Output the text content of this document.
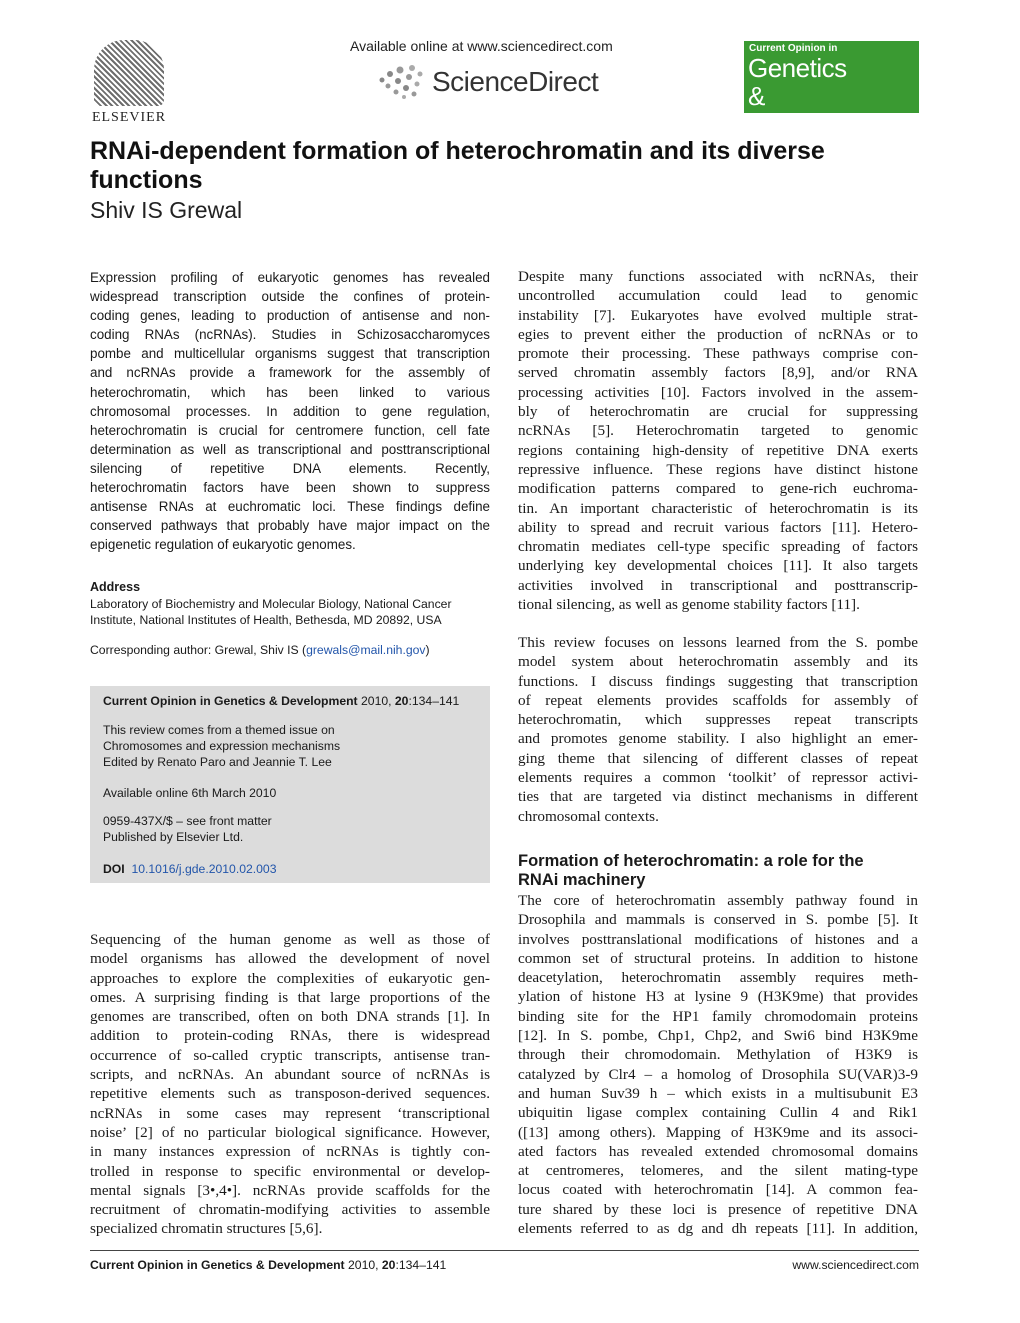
ELSEVIER
Available online at www.sciencedirect.com
ScienceDirect
Current Opinion in
Genetics
& Development
RNAi-dependent formation of heterochromatin and its diverse functions
Shiv IS Grewal
Expression profiling of eukaryotic genomes has revealed
widespread transcription outside the confines of protein-
coding genes, leading to production of antisense and non-
coding RNAs (ncRNAs). Studies in Schizosaccharomyces
pombe and multicellular organisms suggest that transcription
and ncRNAs provide a framework for the assembly of
heterochromatin, which has been linked to various
chromosomal processes. In addition to gene regulation,
heterochromatin is crucial for centromere function, cell fate
determination as well as transcriptional and posttranscriptional
silencing of repetitive DNA elements. Recently,
heterochromatin factors have been shown to suppress
antisense RNAs at euchromatic loci. These findings define
conserved pathways that probably have major impact on the
epigenetic regulation of eukaryotic genomes.
Address
Laboratory of Biochemistry and Molecular Biology, National Cancer
Institute, National Institutes of Health, Bethesda, MD 20892, USA
Corresponding author: Grewal, Shiv IS (grewals@mail.nih.gov)
Current Opinion in Genetics & Development 2010, 20:134–141
This review comes from a themed issue on
Chromosomes and expression mechanisms
Edited by Renato Paro and Jeannie T. Lee
Available online 6th March 2010
0959-437X/$ – see front matter
Published by Elsevier Ltd.
DOI 10.1016/j.gde.2010.02.003
Sequencing of the human genome as well as those of
model organisms has allowed the development of novel
approaches to explore the complexities of eukaryotic gen-
omes. A surprising finding is that large proportions of the
genomes are transcribed, often on both DNA strands [1]. In
addition to protein-coding RNAs, there is widespread
occurrence of so-called cryptic transcripts, antisense tran-
scripts, and ncRNAs. An abundant source of ncRNAs is
repetitive elements such as transposon-derived sequences.
ncRNAs in some cases may represent ‘transcriptional
noise’ [2] of no particular biological significance. However,
in many instances expression of ncRNAs is tightly con-
trolled in response to specific environmental or develop-
mental signals [3•,4•]. ncRNAs provide scaffolds for the
recruitment of chromatin-modifying activities to assemble
specialized chromatin structures [5,6].
Despite many functions associated with ncRNAs, their
uncontrolled accumulation could lead to genomic
instability [7]. Eukaryotes have evolved multiple strat-
egies to prevent either the production of ncRNAs or to
promote their processing. These pathways comprise con-
served chromatin assembly factors [8,9], and/or RNA
processing activities [10]. Factors involved in the assem-
bly of heterochromatin are crucial for suppressing
ncRNAs [5]. Heterochromatin targeted to genomic
regions containing high-density of repetitive DNA exerts
repressive influence. These regions have distinct histone
modification patterns compared to gene-rich euchroma-
tin. An important characteristic of heterochromatin is its
ability to spread and recruit various factors [11]. Hetero-
chromatin mediates cell-type specific spreading of factors
underlying key developmental choices [11]. It also targets
activities involved in transcriptional and posttranscrip-
tional silencing, as well as genome stability factors [11].
This review focuses on lessons learned from the S. pombe
model system about heterochromatin assembly and its
functions. I discuss findings suggesting that transcription
of repeat elements provides scaffolds for assembly of
heterochromatin, which suppresses repeat transcripts
and promotes genome stability. I also highlight an emer-
ging theme that silencing of different classes of repeat
elements requires a common ‘toolkit’ of repressor activi-
ties that are targeted via distinct mechanisms in different
chromosomal contexts.
Formation of heterochromatin: a role for the
RNAi machinery
The core of heterochromatin assembly pathway found in
Drosophila and mammals is conserved in S. pombe [5]. It
involves posttranslational modifications of histones and a
common set of structural proteins. In addition to histone
deacetylation, heterochromatin assembly requires meth-
ylation of histone H3 at lysine 9 (H3K9me) that provides
binding site for the HP1 family chromodomain proteins
[12]. In S. pombe, Chp1, Chp2, and Swi6 bind H3K9me
through their chromodomain. Methylation of H3K9 is
catalyzed by Clr4 – a homolog of Drosophila SU(VAR)3-9
and human Suv39 h – which exists in a multisubunit E3
ubiquitin ligase complex containing Cullin 4 and Rik1
([13] among others). Mapping of H3K9me and its associ-
ated factors has revealed extended chromosomal domains
at centromeres, telomeres, and the silent mating-type
locus coated with heterochromatin [14]. A common fea-
ture shared by these loci is presence of repetitive DNA
elements referred to as dg and dh repeats [11]. In addition,
Current Opinion in Genetics & Development 2010, 20:134–141	www.sciencedirect.com
